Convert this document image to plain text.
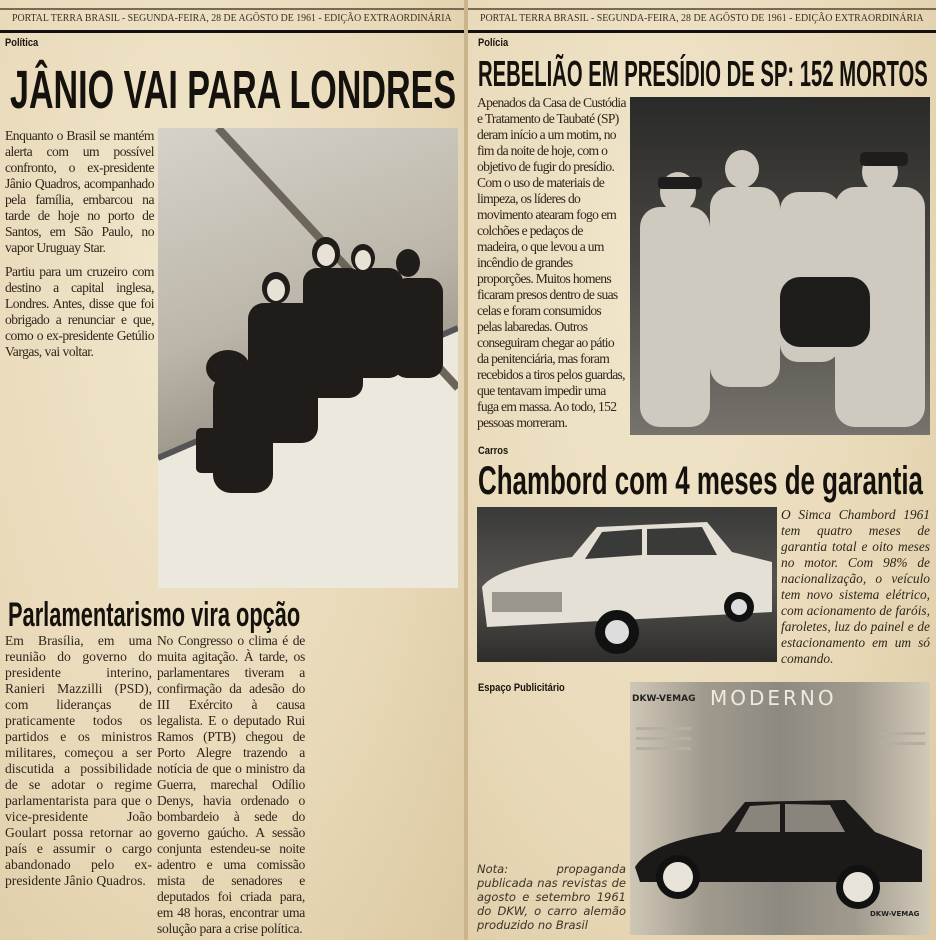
PORTAL TERRA BRASIL - SEGUNDA-FEIRA, 28 DE AGÔSTO DE 1961 - EDIÇÃO EXTRAORDINÁRIA
Política
JÂNIO VAI PARA LONDRES

Enquanto o Brasil se mantém alerta com um possível confronto, o ex-presidente Jânio Quadros, acompanhado pela família, embarcou na tarde de hoje no porto de Santos, em São Paulo, no vapor Uruguay Star.

Partiu para um cruzeiro com destino a capital inglesa, Londres. Antes, disse que foi obrigado a renunciar e que, como o ex-presidente Getúlio Vargas, vai voltar.

Parlamentarismo vira opção

Em Brasília, em uma reunião do governo do presidente interino, Ranieri Mazzilli (PSD), com lideranças de praticamente todos os partidos e os ministros militares, começou a ser discutida a possibilidade de se adotar o regime parlamentarista para que o vice-presidente João Goulart possa retornar ao país e assumir o cargo abandonado pelo ex-presidente Jânio Quadros.

No Congresso o clima é de muita agitação. À tarde, os parlamentares tiveram a confirmação da adesão do III Exército à causa legalista. E o deputado Rui Ramos (PTB) chegou de Porto Alegre trazendo a notícia de que o ministro da Guerra, marechal Odílio Denys, havia ordenado o bombardeio à sede do governo gaúcho. A sessão conjunta estendeu-se noite adentro e uma comissão mista de senadores e deputados foi criada para, em 48 horas, encontrar uma solução para a crise política.

PORTAL TERRA BRASIL - SEGUNDA-FEIRA, 28 DE AGÔSTO DE 1961 - EDIÇÃO EXTRAORDINÁRIA
Polícia
REBELIÃO EM PRESÍDIO DE SP: 152 MORTOS

Apenados da Casa de Custódia e Tratamento de Taubaté (SP) deram início a um motim, no fim da noite de hoje, com o objetivo de fugir do presídio. Com o uso de materiais de limpeza, os líderes do movimento atearam fogo em colchões e pedaços de madeira, o que levou a um incêndio de grandes proporções. Muitos homens ficaram presos dentro de suas celas e foram consumidos pelas labaredas. Outros conseguiram chegar ao pátio da penitenciária, mas foram recebidos a tiros pelos guardas, que tentavam impedir uma fuga em massa. Ao todo, 152 pessoas morreram.

Carros
Chambord com 4 meses de garantia

O Simca Chambord 1961 tem quatro meses de garantia total e oito meses no motor. Com 98% de nacionalização, o veículo tem novo sistema elétrico, com acionamento de faróis, faroletes, luz do painel e de estacionamento em um só comando.

Espaço Publicitário
DKW-VEMAG MODERNO
DKW-VEMAG
Nota: propaganda publicada nas revistas de agosto e setembro 1961 do DKW, o carro alemão produzido no Brasil
